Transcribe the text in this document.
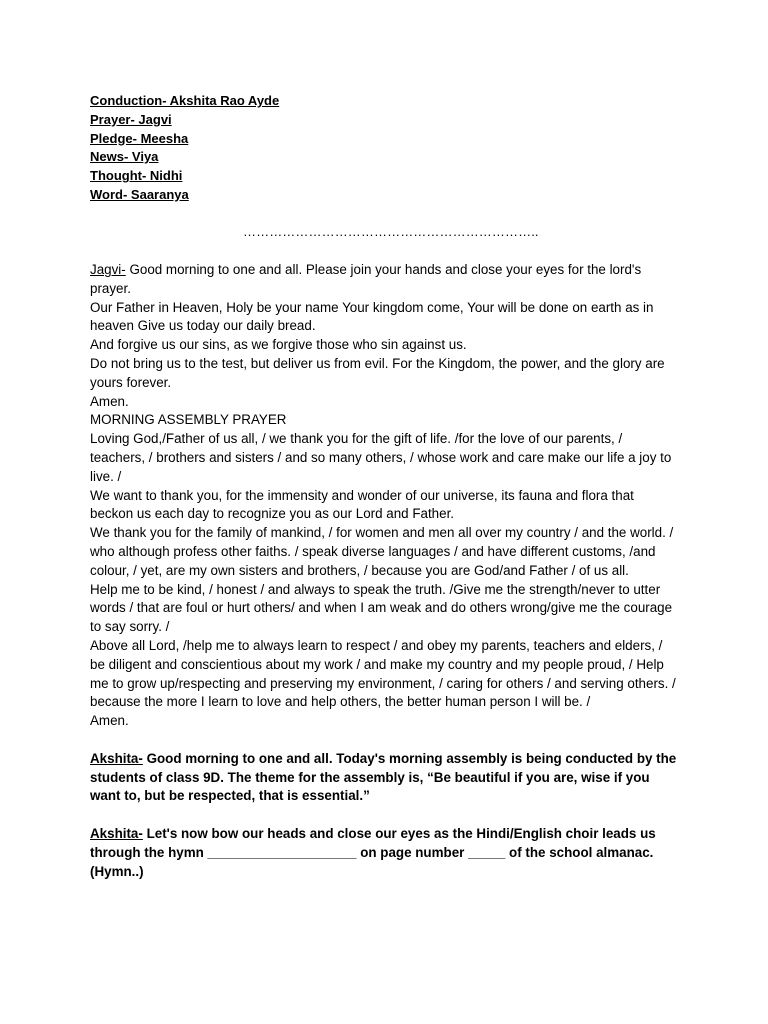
Conduction- Akshita Rao Ayde
Prayer- Jagvi
Pledge- Meesha
News- Viya
Thought- Nidhi
Word- Saaranya
…………………………………………………………..

Jagvi- Good morning to one and all. Please join your hands and close your eyes for the lord's prayer.

Our Father in Heaven, Holy be your name Your kingdom come, Your will be done on earth as in heaven Give us today our daily bread.

And forgive us our sins, as we forgive those who sin against us.

Do not bring us to the test, but deliver us from evil. For the Kingdom, the power, and the glory are yours forever.

Amen.

MORNING ASSEMBLY PRAYER

Loving God,/Father of us all, / we thank you for the gift of life. /for the love of our parents, / teachers, / brothers and sisters / and so many others, / whose work and care make our life a joy to live. /

We want to thank you, for the immensity and wonder of our universe, its fauna and flora that beckon us each day to recognize you as our Lord and Father.

We thank you for the family of mankind, / for women and men all over my country / and the world. / who although profess other faiths. / speak diverse languages / and have different customs, /and colour, / yet, are my own sisters and brothers, / because you are God/and Father / of us all.

Help me to be kind, / honest / and always to speak the truth. /Give me the strength/never to utter words / that are foul or hurt others/ and when I am weak and do others wrong/give me the courage to say sorry. /

Above all Lord, /help me to always learn to respect / and obey my parents, teachers and elders, / be diligent and conscientious about my work / and make my country and my people proud, / Help me to grow up/respecting and preserving my environment, / caring for others / and serving others. / because the more I learn to love and help others, the better human person I will be. /

Amen.

Akshita- Good morning to one and all. Today's morning assembly is being conducted by the students of class 9D. The theme for the assembly is, “Be beautiful if you are, wise if you want to, but be respected, that is essential.”

Akshita- Let's now bow our heads and close our eyes as the Hindi/English choir leads us through the hymn ____________________ on page number _____ of the school almanac. (Hymn..)
